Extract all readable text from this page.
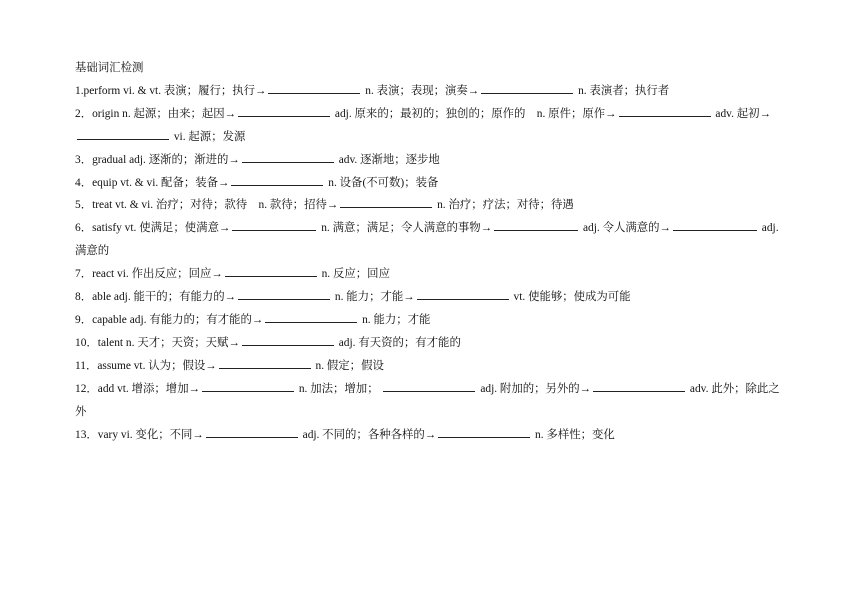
基础词汇检测
1.perform vi. & vt. 表演；履行；执行→	n. 表演；表现；演奏→	n. 表演者；执行者
2．origin n. 起源；由来；起因→	adj. 原来的；最初的；独创的；原作的　n. 原件；原作→	adv. 起初→ vi. 起源；发源
3．gradual adj. 逐渐的；渐进的→	adv. 逐渐地；逐步地
4．equip vt. & vi. 配备；装备→	n. 设备(不可数)；装备
5．treat vt. & vi. 治疗；对待；款待　n. 款待；招待→	n. 治疗；疗法；对待；待遇
6．satisfy vt. 使满足；使满意→	n. 满意；满足；令人满意的事物→	adj. 令人满意的→	adj. 满意的
7．react vi. 作出反应；回应→	n. 反应；回应
8．able adj. 能干的；有能力的→	n. 能力；才能→	vt. 使能够；使成为可能
9．capable adj. 有能力的；有才能的→	n. 能力；才能
10．talent n. 天才；天资；天赋→	adj. 有天资的；有才能的
11．assume vt. 认为；假设→	n. 假定；假设
12．add vt. 增添；增加→	n. 加法；增加；	adj. 附加的；另外的→	adv. 此外；除此之外
13．vary vi. 变化；不同→	adj. 不同的；各种各样的→	n. 多样性；变化
